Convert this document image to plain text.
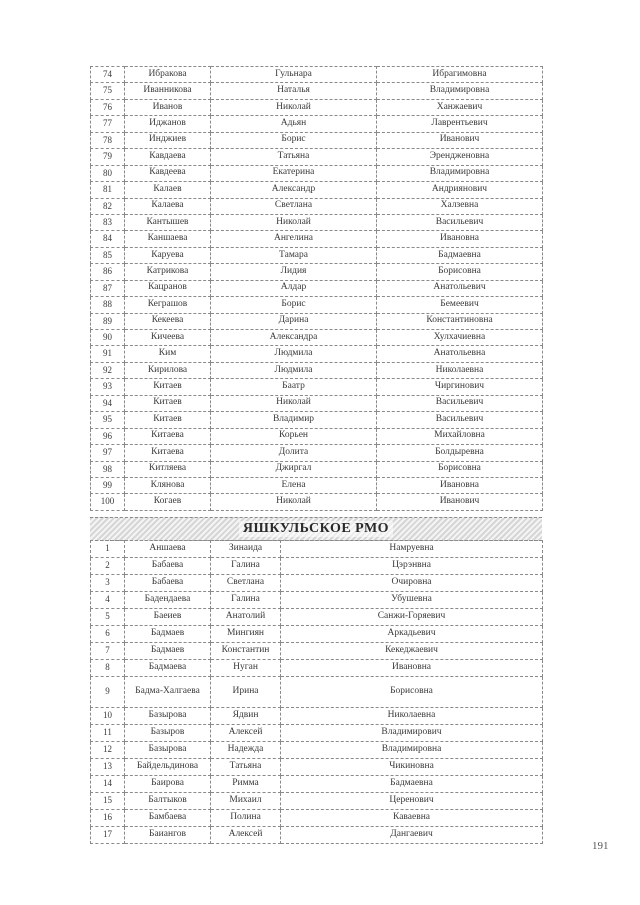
74	Ибракова	Гульнара	Ибрагимовна
75	Иванникова	Наталья	Владимировна
76	Иванов	Николай	Ханжаевич
77	Иджанов	Адьян	Лаврентьевич
78	Инджиев	Борис	Иванович
79	Кавдаева	Татьяна	Эрендженовна
80	Кавдеева	Екатерина	Владимировна
81	Калаев	Александр	Андриянович
82	Калаева	Светлана	Халзевна
83	Кантышев	Николай	Васильевич
84	Каншаева	Ангелина	Ивановна
85	Каруева	Тамара	Бадмаевна
86	Катрикова	Лидия	Борисовна
87	Кацранов	Алдар	Анатольевич
88	Кеграшов	Борис	Бемеевич
89	Кекеева	Дарина	Константиновна
90	Кичеева	Александра	Хулхачиевна
91	Ким	Людмила	Анатольевна
92	Кирилова	Людмила	Николаевна
93	Китаев	Баатр	Чиргинович
94	Китаев	Николай	Васильевич
95	Китаев	Владимир	Васильевич
96	Китаева	Корьен	Михайловна
97	Китаева	Долита	Болдыревна
98	Китляева	Джиргал	Борисовна
99	Клянова	Елена	Ивановна
100	Когаев	Николай	Иванович
ЯШКУЛЬСКОЕ РМО
1	Аншаева	Зинаида	Намруевна
2	Бабаева	Галина	Цэрэнвна
3	Бабаева	Светлана	Очировна
4	Бадендаева	Галина	Убушевна
5	Баеиев	Анатолий	Санжи-Горяевич
6	Бадмаев	Мингиян	Аркадьевич
7	Бадмаев	Константин	Кекеджаевич
8	Бадмаева	Нуган	Ивановна
9	Бадма-Халгаева	Ирина	Борисовна
10	Базырова	Ядвин	Николаевна
11	Базыров	Алексей	Владимирович
12	Базырова	Надежда	Владимировна
13	Байдельдинова	Татьяна	Чикиновна
14	Баирова	Римма	Бадмаевна
15	Балтыков	Михаил	Церенович
16	Бамбаева	Полина	Каваевна
17	Баиангов	Алексей	Дангаевич
191
